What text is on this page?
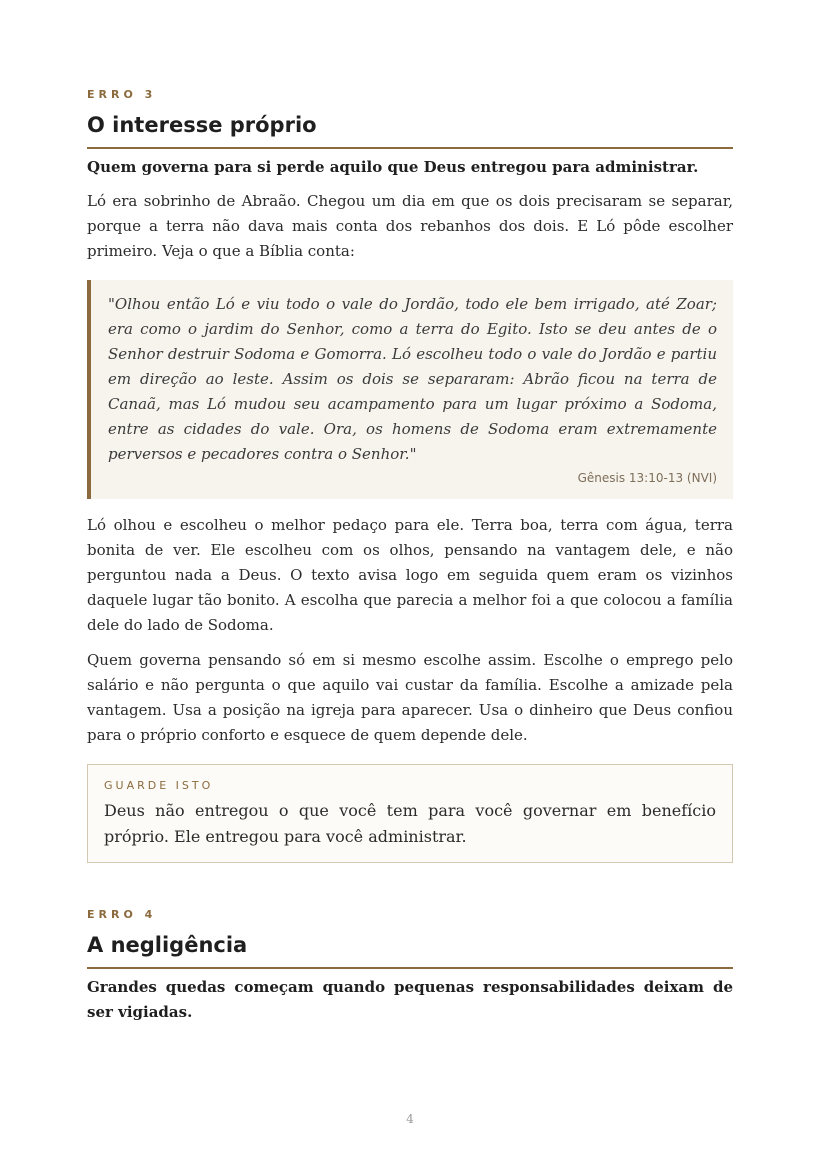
ERRO 3

O interesse próprio

Quem governa para si perde aquilo que Deus entregou para administrar.

Ló era sobrinho de Abraão. Chegou um dia em que os dois precisaram se separar, porque a terra não dava mais conta dos rebanhos dos dois. E Ló pôde escolher primeiro. Veja o que a Bíblia conta:

"Olhou então Ló e viu todo o vale do Jordão, todo ele bem irrigado, até Zoar; era como o jardim do Senhor, como a terra do Egito. Isto se deu antes de o Senhor destruir Sodoma e Gomorra. Ló escolheu todo o vale do Jordão e partiu em direção ao leste. Assim os dois se separaram: Abrão ficou na terra de Canaã, mas Ló mudou seu acampamento para um lugar próximo a Sodoma, entre as cidades do vale. Ora, os homens de Sodoma eram extremamente perversos e pecadores contra o Senhor."

Gênesis 13:10-13 (NVI)

Ló olhou e escolheu o melhor pedaço para ele. Terra boa, terra com água, terra bonita de ver. Ele escolheu com os olhos, pensando na vantagem dele, e não perguntou nada a Deus. O texto avisa logo em seguida quem eram os vizinhos daquele lugar tão bonito. A escolha que parecia a melhor foi a que colocou a família dele do lado de Sodoma.

Quem governa pensando só em si mesmo escolhe assim. Escolhe o emprego pelo salário e não pergunta o que aquilo vai custar da família. Escolhe a amizade pela vantagem. Usa a posição na igreja para aparecer. Usa o dinheiro que Deus confiou para o próprio conforto e esquece de quem depende dele.

GUARDE ISTO

Deus não entregou o que você tem para você governar em benefício próprio. Ele entregou para você administrar.

ERRO 4

A negligência

Grandes quedas começam quando pequenas responsabilidades deixam de ser vigiadas.

4
